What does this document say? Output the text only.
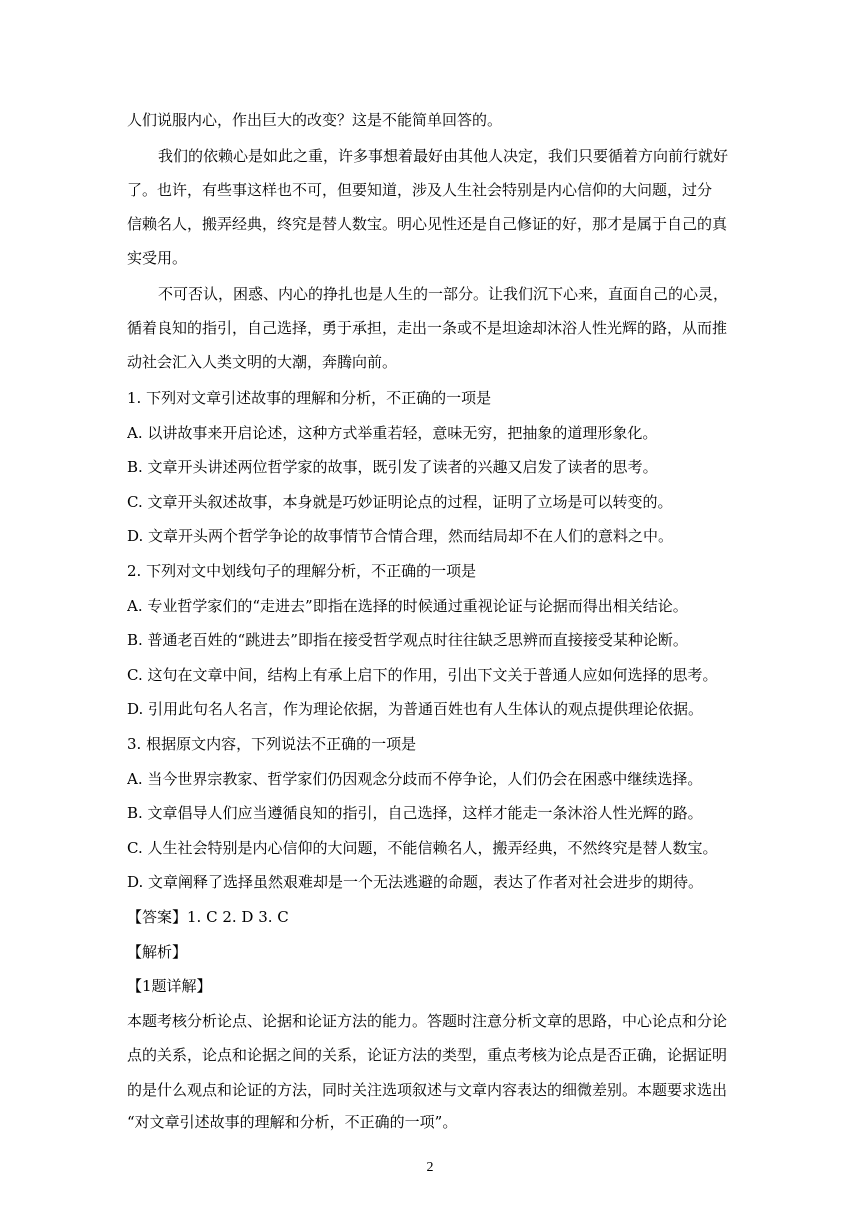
人们说服内心，作出巨大的改变？这是不能简单回答的。
我们的依赖心是如此之重，许多事想着最好由其他人决定，我们只要循着方向前行就好
了。也许，有些事这样也不可，但要知道，涉及人生社会特别是内心信仰的大问题，过分
信赖名人，搬弄经典，终究是替人数宝。明心见性还是自己修证的好，那才是属于自己的真
实受用。
不可否认，困惑、内心的挣扎也是人生的一部分。让我们沉下心来，直面自己的心灵，
循着良知的指引，自己选择，勇于承担，走出一条或不是坦途却沐浴人性光辉的路，从而推
动社会汇入人类文明的大潮，奔腾向前。
1. 下列对文章引述故事的理解和分析，不正确的一项是
A. 以讲故事来开启论述，这种方式举重若轻，意味无穷，把抽象的道理形象化。
B. 文章开头讲述两位哲学家的故事，既引发了读者的兴趣又启发了读者的思考。
C. 文章开头叙述故事，本身就是巧妙证明论点的过程，证明了立场是可以转变的。
D. 文章开头两个哲学争论的故事情节合情合理，然而结局却不在人们的意料之中。
2. 下列对文中划线句子的理解分析，不正确的一项是
A. 专业哲学家们的“走进去”即指在选择的时候通过重视论证与论据而得出相关结论。
B. 普通老百姓的“跳进去”即指在接受哲学观点时往往缺乏思辨而直接接受某种论断。
C. 这句在文章中间，结构上有承上启下的作用，引出下文关于普通人应如何选择的思考。
D. 引用此句名人名言，作为理论依据，为普通百姓也有人生体认的观点提供理论依据。
3. 根据原文内容，下列说法不正确的一项是
A. 当今世界宗教家、哲学家们仍因观念分歧而不停争论，人们仍会在困惑中继续选择。
B. 文章倡导人们应当遵循良知的指引，自己选择，这样才能走一条沐浴人性光辉的路。
C. 人生社会特别是内心信仰的大问题，不能信赖名人，搬弄经典，不然终究是替人数宝。
D. 文章阐释了选择虽然艰难却是一个无法逃避的命题，表达了作者对社会进步的期待。
【答案】1. C 2. D 3. C
【解析】
【1题详解】
本题考核分析论点、论据和论证方法的能力。答题时注意分析文章的思路，中心论点和分论
点的关系，论点和论据之间的关系，论证方法的类型，重点考核为论点是否正确，论据证明
的是什么观点和论证的方法，同时关注选项叙述与文章内容表达的细微差别。本题要求选出
“对文章引述故事的理解和分析，不正确的一项”。
2
